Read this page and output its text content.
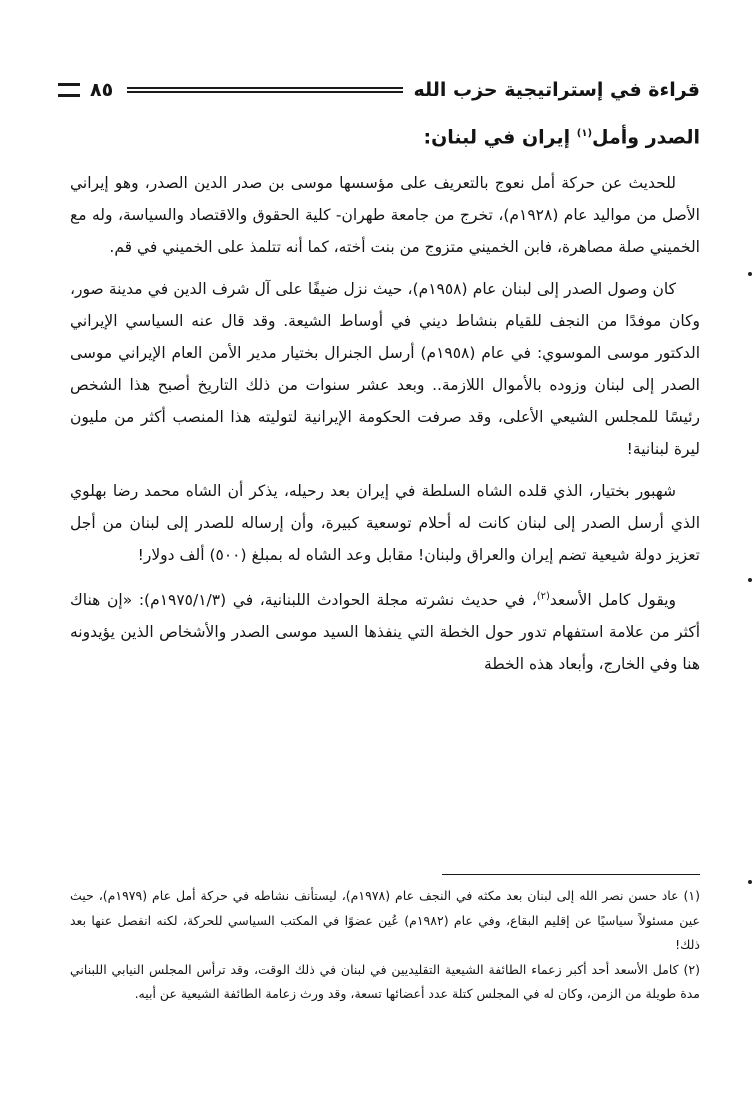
قراءة في إستراتيجية حزب الله
٨٥
الصدر وأمل$^{(١)}$ إيران في لبنان:

للحديث عن حركة أمل نعوج بالتعريف على مؤسسها موسى بن صدر الدين الصدر، وهو إيراني الأصل من مواليد عام (١٩٢٨م)، تخرج من جامعة طهران- كلية الحقوق والاقتصاد والسياسة، وله مع الخميني صلة مصاهرة، فابن الخميني متزوج من بنت أخته، كما أنه تتلمذ على الخميني في قم.

كان وصول الصدر إلى لبنان عام (١٩٥٨م)، حيث نزل ضيفًا على آل شرف الدين في مدينة صور، وكان موفدًا من النجف للقيام بنشاط ديني في أوساط الشيعة. وقد قال عنه السياسي الإيراني الدكتور موسى الموسوي: في عام (١٩٥٨م) أرسل الجنرال بختيار مدير الأمن العام الإيراني موسى الصدر إلى لبنان وزوده بالأموال اللازمة.. وبعد عشر سنوات من ذلك التاريخ أصبح هذا الشخص رئيسًا للمجلس الشيعي الأعلى، وقد صرفت الحكومة الإيرانية لتوليته هذا المنصب أكثر من مليون ليرة لبنانية!

شهبور بختيار، الذي قلده الشاه السلطة في إيران بعد رحيله، يذكر أن الشاه محمد رضا بهلوي الذي أرسل الصدر إلى لبنان كانت له أحلام توسعية كبيرة، وأن إرساله للصدر إلى لبنان من أجل تعزيز دولة شيعية تضم إيران والعراق ولبنان! مقابل وعد الشاه له بمبلغ (٥٠٠) ألف دولار!

ويقول كامل الأسعد$^{(٢)}$، في حديث نشرته مجلة الحوادث اللبنانية، في (١٩٧٥/١/٣م): «إن هناك أكثر من علامة استفهام تدور حول الخطة التي ينفذها السيد موسى الصدر والأشخاص الذين يؤيدونه هنا وفي الخارج، وأبعاد هذه الخطة

(١) عاد حسن نصر الله إلى لبنان بعد مكثه في النجف عام (١٩٧٨م)، ليستأنف نشاطه في حركة أمل عام (١٩٧٩م)، حيث عين مسئولاً سياسيًا عن إقليم البقاع، وفي عام (١٩٨٢م) عُين عضوًا في المكتب السياسي للحركة، لكنه انفصل عنها بعد ذلك!

(٢) كامل الأسعد أحد أكبر زعماء الطائفة الشيعية التقليديين في لبنان في ذلك الوقت، وقد ترأس المجلس النيابي اللبناني مدة طويلة من الزمن، وكان له في المجلس كتلة عدد أعضائها تسعة، وقد ورث زعامة الطائفة الشيعية عن أبيه.
